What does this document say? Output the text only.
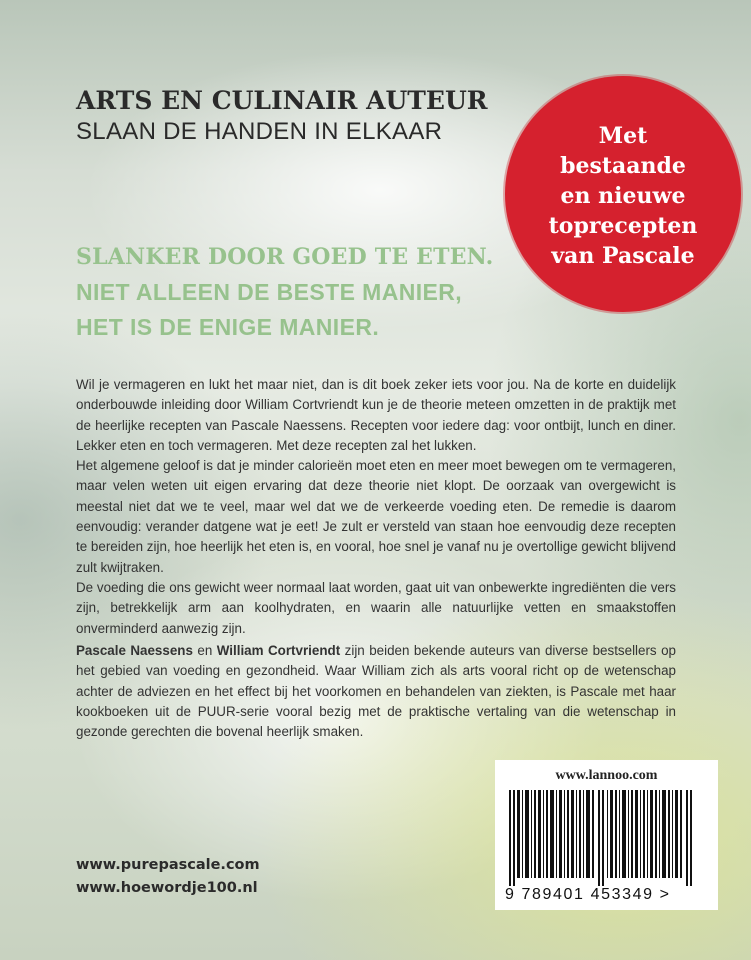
ARTS EN CULINAIR AUTEUR
SLAAN DE HANDEN IN ELKAAR	Met
bestaande
en nieuwe
toprecepten
van Pascale
SLANKER DOOR GOED TE ETEN.
NIET ALLEEN DE BESTE MANIER,
HET IS DE ENIGE MANIER.

Wil je vermageren en lukt het maar niet, dan is dit boek zeker iets voor jou. Na de korte en duidelijk onderbouwde inleiding door William Cortvriendt kun je de theorie meteen omzetten in de praktijk met de heerlijke recepten van Pascale Naessens. Recepten voor iedere dag: voor ontbijt, lunch en diner. Lekker eten en toch vermageren. Met deze recepten zal het lukken.

Het algemene geloof is dat je minder calorieën moet eten en meer moet bewegen om te vermageren, maar velen weten uit eigen ervaring dat deze theorie niet klopt. De oorzaak van overgewicht is meestal niet dat we te veel, maar wel dat we de verkeerde voeding eten. De remedie is daarom eenvoudig: verander datgene wat je eet! Je zult er versteld van staan hoe eenvoudig deze recepten te bereiden zijn, hoe heerlijk het eten is, en vooral, hoe snel je vanaf nu je overtollige gewicht blijvend zult kwijtraken.

De voeding die ons gewicht weer normaal laat worden, gaat uit van onbewerkte ingrediënten die vers zijn, betrekkelijk arm aan koolhydraten, en waarin alle natuurlijke vetten en smaakstoffen onverminderd aanwezig zijn.

Pascale Naessens en William Cortvriendt zijn beiden bekende auteurs van diverse bestsellers op het gebied van voeding en gezondheid. Waar William zich als arts vooral richt op de wetenschap achter de adviezen en het effect bij het voorkomen en behandelen van ziekten, is Pascale met haar kookboeken uit de PUUR-serie vooral bezig met de praktische vertaling van die wetenschap in gezonde gerechten die bovenal heerlijk smaken.
www.lannoo.com
9 789401 453349 >
www.purepascale.com
www.hoewordje100.nl
